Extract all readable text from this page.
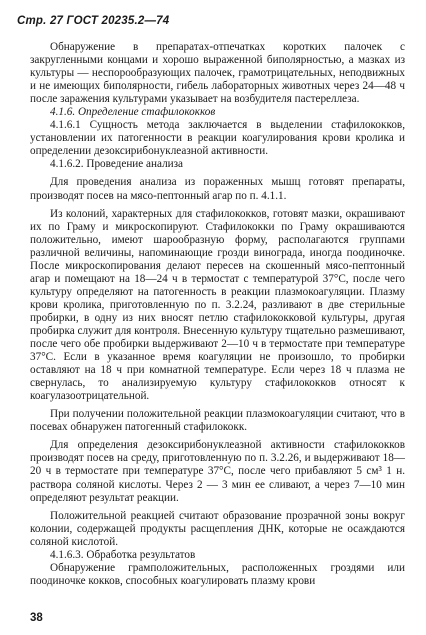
Стр. 27 ГОСТ 20235.2—74

Обнаружение в препаратах-отпечатках коротких палочек с закругленными концами и хорошо выраженной биполярностью, а мазках из культуры — неспорообразующих палочек, грамотрицательных, неподвижных и не имеющих биполярности, гибель лабораторных животных через 24—48 ч после заражения культурами указывает на возбудителя пастереллеза.

4.1.6. Определение стафилококков

4.1.6.1 Сущность метода заключается в выделении стафилококков, установлении их патогенности в реакции коагулирования крови кролика и определении дезоксирибонуклеазной активности.

4.1.6.2. Проведение анализа

Для проведения анализа из пораженных мышц готовят препараты, производят посев на мясо-пептонный агар по п. 4.1.1.

Из колоний, характерных для стафилококков, готовят мазки, окрашивают их по Граму и микроскопируют. Стафилококки по Граму окрашиваются положительно, имеют шарообразную форму, располагаются группами различной величины, напоминающие грозди винограда, иногда поодиночке. После микроскопирования делают пересев на скошенный мясо-пептонный агар и помещают на 18—24 ч в термостат с температурой 37°С, после чего культуру определяют на патогенность в реакции плазмокоагуляции. Плазму крови кролика, приготовленную по п. 3.2.24, разливают в две стерильные пробирки, в одну из них вносят петлю стафилококковой культуры, другая пробирка служит для контроля. Внесенную культуру тщательно размешивают, после чего обе пробирки выдерживают 2—10 ч в термостате при температуре 37°С. Если в указанное время коагуляции не произошло, то пробирки оставляют на 18 ч при комнатной температуре. Если через 18 ч плазма не свернулась, то анализируемую культуру стафилококков относят к коагулазоотрицательной.

При получении положительной реакции плазмокоагуляции считают, что в посевах обнаружен патогенный стафилококк.

Для определения дезоксирибонуклеазной активности стафилококков производят посев на среду, приготовленную по п. 3.2.26, и выдерживают 18—20 ч в термостате при температуре 37°С, после чего прибавляют 5 см³ 1 н. раствора соляной кислоты. Через 2 — 3 мин ее сливают, а через 7—10 мин определяют результат реакции.

Положительной реакцией считают образование прозрачной зоны вокруг колонии, содержащей продукты расщепления ДНК, которые не осаждаются соляной кислотой.

4.1.6.3. Обработка результатов

Обнаружение грамположительных, расположенных гроздями или поодиночке кокков, способных коагулировать плазму крови

38
